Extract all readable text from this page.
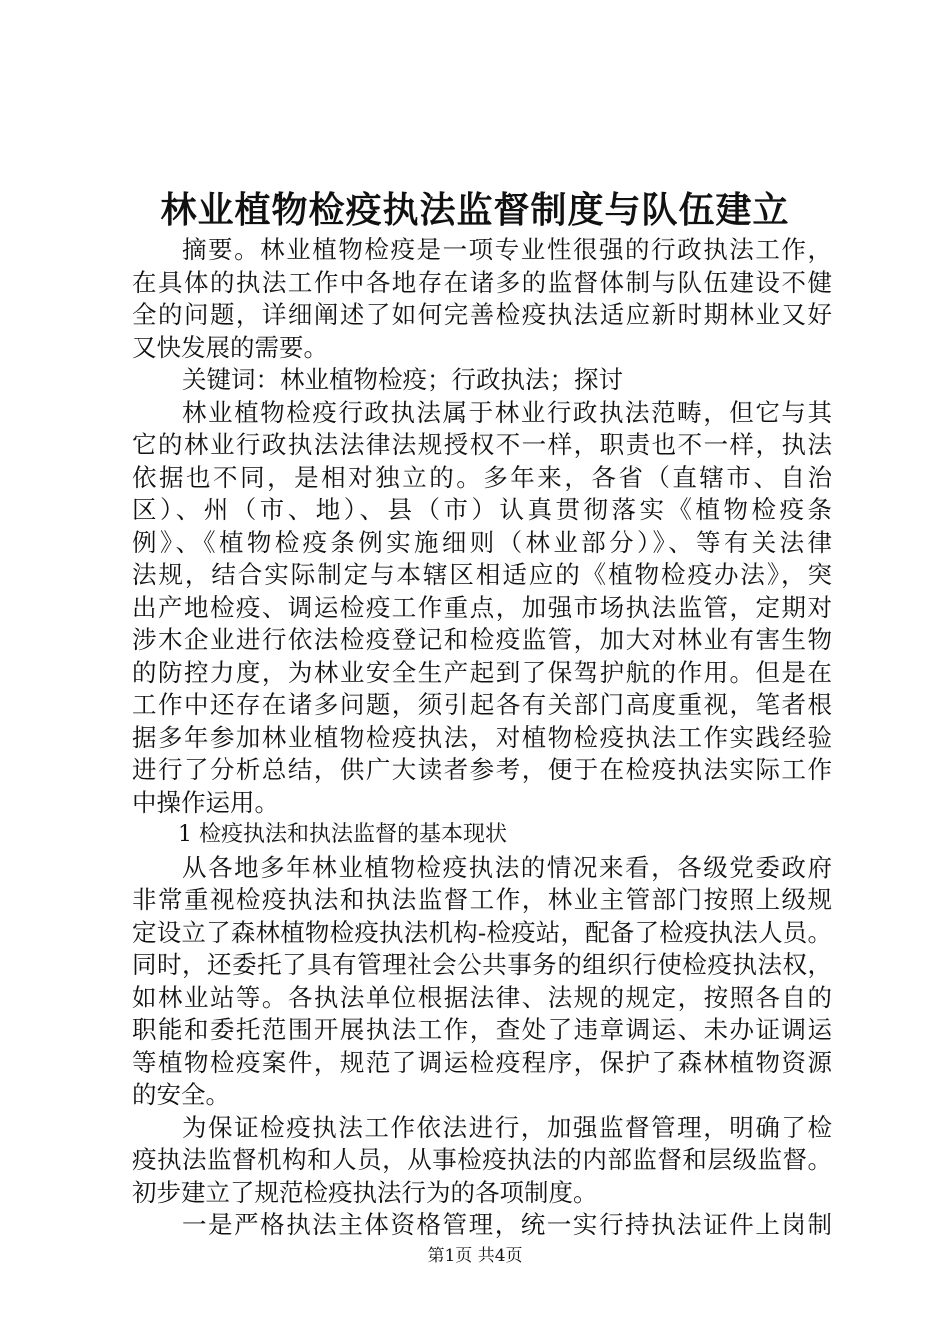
林业植物检疫执法监督制度与队伍建立

摘要。林业植物检疫是一项专业性很强的行政执法工作，

在具体的执法工作中各地存在诸多的监督体制与队伍建设不健

全的问题，详细阐述了如何完善检疫执法适应新时期林业又好

又快发展的需要。

关键词：林业植物检疫；行政执法；探讨

林业植物检疫行政执法属于林业行政执法范畴，但它与其

它的林业行政执法法律法规授权不一样，职责也不一样，执法

依据也不同，是相对独立的。多年来，各省（直辖市、自治

区）、州（市、地）、县（市）认真贯彻落实《植物检疫条

例》、《植物检疫条例实施细则（林业部分）》、等有关法律

法规，结合实际制定与本辖区相适应的《植物检疫办法》，突

出产地检疫、调运检疫工作重点，加强市场执法监管，定期对

涉木企业进行依法检疫登记和检疫监管，加大对林业有害生物

的防控力度，为林业安全生产起到了保驾护航的作用。但是在

工作中还存在诸多问题，须引起各有关部门高度重视，笔者根

据多年参加林业植物检疫执法，对植物检疫执法工作实践经验

进行了分析总结，供广大读者参考，便于在检疫执法实际工作

中操作运用。

1 检疫执法和执法监督的基本现状

从各地多年林业植物检疫执法的情况来看，各级党委政府

非常重视检疫执法和执法监督工作，林业主管部门按照上级规

定设立了森林植物检疫执法机构-检疫站，配备了检疫执法人员。

同时，还委托了具有管理社会公共事务的组织行使检疫执法权，

如林业站等。各执法单位根据法律、法规的规定，按照各自的

职能和委托范围开展执法工作，查处了违章调运、未办证调运

等植物检疫案件，规范了调运检疫程序，保护了森林植物资源

的安全。

为保证检疫执法工作依法进行，加强监督管理，明确了检

疫执法监督机构和人员，从事检疫执法的内部监督和层级监督。

初步建立了规范检疫执法行为的各项制度。

一是严格执法主体资格管理，统一实行持执法证件上岗制

第1页 共4页
